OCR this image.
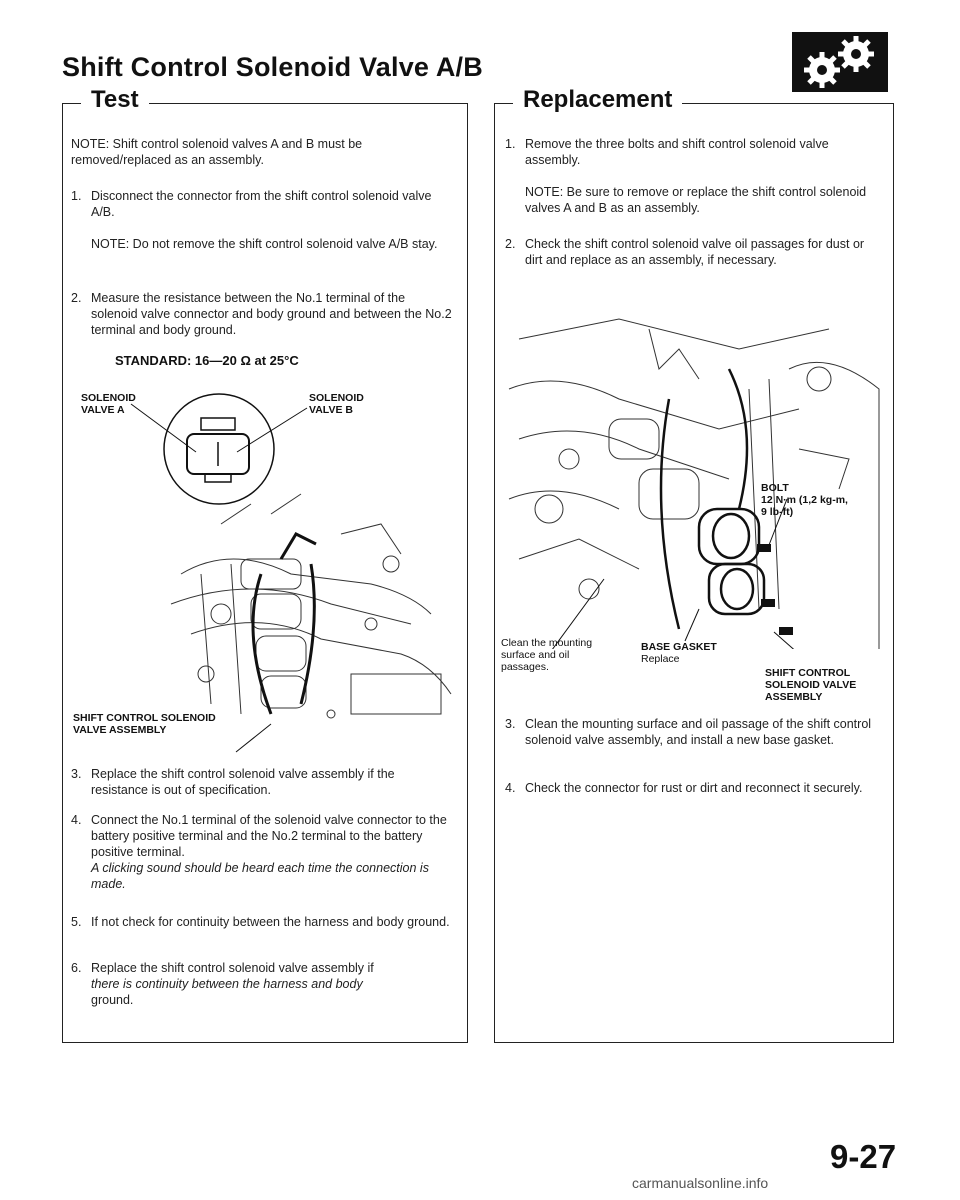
Shift Control Solenoid Valve A/B
Test

NOTE: Shift control solenoid valves A and B must be removed/replaced as an assembly.

1. Disconnect the connector from the shift control solenoid valve A/B.

NOTE: Do not remove the shift control solenoid valve A/B stay.

2. Measure the resistance between the No.1 terminal of the solenoid valve connector and body ground and between the No.2 terminal and body ground.
STANDARD: 16—20 Ω at 25°C
SOLENOID VALVE A
SOLENOID VALVE B
SHIFT CONTROL SOLENOID VALVE ASSEMBLY
3. Replace the shift control solenoid valve assembly if the resistance is out of specification.
4. Connect the No.1 terminal of the solenoid valve connector to the battery positive terminal and the No.2 terminal to the battery positive terminal.
A clicking sound should be heard each time the connection is made.
5. If not check for continuity between the harness and body ground.
6. Replace the shift control solenoid valve assembly if
there is continuity between the harness and body
ground.
Replacement
1. Remove the three bolts and shift control solenoid valve assembly.

NOTE: Be sure to remove or replace the shift control solenoid valves A and B as an assembly.

2. Check the shift control solenoid valve oil passages for dust or dirt and replace as an assembly, if necessary.
BOLT
12 N·m (1,2 kg-m,
9 lb-ft)
Clean the mounting surface and oil passages.
BASE GASKET
Replace
SHIFT CONTROL SOLENOID VALVE ASSEMBLY
3. Clean the mounting surface and oil passage of the shift control solenoid valve assembly, and install a new base gasket.
4. Check the connector for rust or dirt and reconnect it securely.

9-27

carmanualsonline.info
